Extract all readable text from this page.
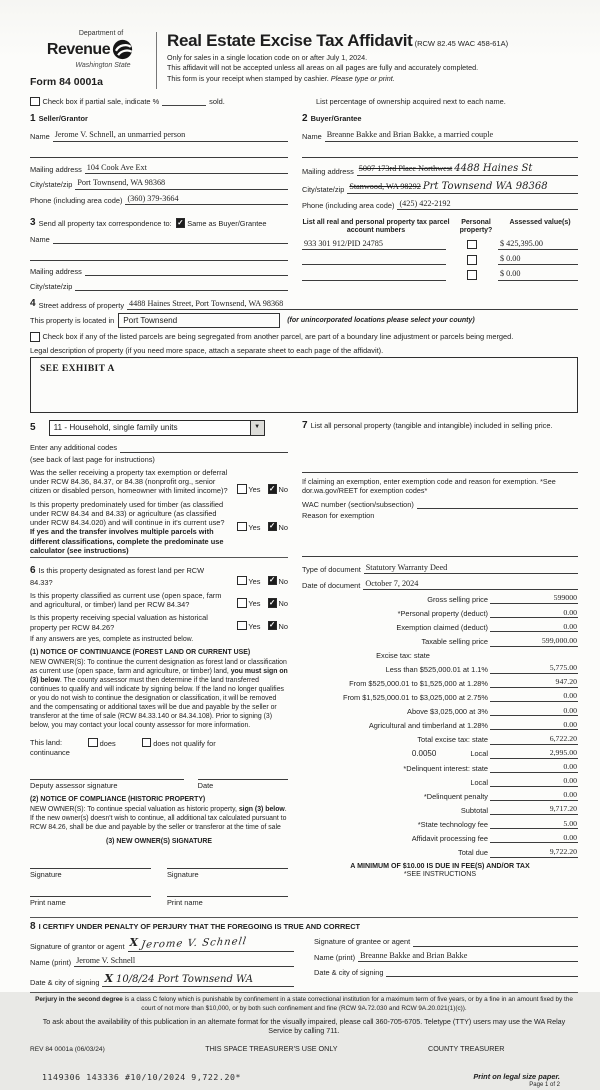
Department of
Revenue
Washington State
Form 84 0001a
Real Estate Excise Tax Affidavit (RCW 82.45 WAC 458-61A)
Only for sales in a single location code on or after July 1, 2024.
This affidavit will not be accepted unless all areas on all pages are fully and accurately completed.
This form is your receipt when stamped by cashier. Please type or print.
Check box if partial sale, indicate %	sold.	List percentage of ownership acquired next to each name.
1 Seller/Grantor
Name Jerome V. Schnell, an unmarried person
Mailing address 104 Cook Ave Ext
City/state/zip Port Townsend, WA 98368
Phone (including area code) (360) 379-3664
2 Buyer/Grantee
Name Breanne Bakke and Brian Bakke, a married couple
Mailing address 5007 173rd Place Northwest 4488 Haines St
City/state/zip Stanwood, WA 98292 Prt Townsend WA 98368
Phone (including area code) (425) 422-2192
3 Send all property tax correspondence to: ✓ Same as Buyer/Grantee
Name
Mailing address
City/state/zip
List all real and personal property tax parcel account numbers
Personal property?
Assessed value(s)
933 301 912/PID 24785	$ 425,395.00
$ 0.00
$ 0.00
4 Street address of property 4488 Haines Street, Port Townsend, WA 98368
This property is located in Port Townsend	(for unincorporated locations please select your county)
Check box if any of the listed parcels are being segregated from another parcel, are part of a boundary line adjustment or parcels being merged.
Legal description of property (if you need more space, attach a separate sheet to each page of the affidavit).
SEE EXHIBIT A
5	11 - Household, single family units	▼
Enter any additional codes
(see back of last page for instructions)
Was the seller receiving a property tax exemption or deferral under RCW 84.36, 84.37, or 84.38 (nonprofit org., senior citizen or disabled person, homeowner with limited income)?	Yes ✓ No
Is this property predominately used for timber (as classified under RCW 84.34 and 84.33) or agriculture (as classified under RCW 84.34.020) and will continue in it's current use? If yes and the transfer involves multiple parcels with different classifications, complete the predominate use calculator (see instructions)
Yes ✓ No
6 Is this property designated as forest land per RCW 84.33?	Yes ✓ No
Is this property classified as current use (open space, farm and agricultural, or timber) land per RCW 84.34?	Yes ✓ No
Is this property receiving special valuation as historical property per RCW 84.26?	Yes ✓ No
If any answers are yes, complete as instructed below.
(1) NOTICE OF CONTINUANCE (FOREST LAND OR CURRENT USE)
NEW OWNER(S): To continue the current designation as forest land or classification as current use (open space, farm and agriculture, or timber) land, you must sign on (3) below. The county assessor must then determine if the land transferred continues to qualify and will indicate by signing below. If the land no longer qualifies or you do not wish to continue the designation or classification, it will be removed and the compensating or additional taxes will be due and payable by the seller or transferor at the time of sale (RCW 84.33.140 or 84.34.108). Prior to signing (3) below, you may contact your local county assessor for more information.
This land:	does	does not qualify for
continuance
Deputy assessor signature	Date
(2) NOTICE OF COMPLIANCE (HISTORIC PROPERTY)
NEW OWNER(S): To continue special valuation as historic property, sign (3) below. If the new owner(s) doesn't wish to continue, all additional tax calculated pursuant to RCW 84.26, shall be due and payable by the seller or transferor at the time of sale
(3) NEW OWNER(S) SIGNATURE
Signature	Signature
Print name	Print name
7 List all personal property (tangible and intangible) included in selling price.
If claiming an exemption, enter exemption code and reason for exemption. *See dor.wa.gov/REET for exemption codes*
WAC number (section/subsection)
Reason for exemption
Type of document Statutory Warranty Deed
Date of document October 7, 2024
Gross selling price	599000
*Personal property (deduct)	0.00
Exemption claimed (deduct)	0.00
Taxable selling price	599,000.00
Excise tax: state
Less than $525,000.01 at 1.1%	5,775.00
From $525,000.01 to $1,525,000 at 1.28%	947.20
From $1,525,000.01 to $3,025,000 at 2.75%	0.00
Above $3,025,000 at 3%	0.00
Agricultural and timberland at 1.28%	0.00
Total excise tax: state	6,722.20
0.0050	Local	2,995.00
*Delinquent interest: state	0.00
Local	0.00
*Delinquent penalty	0.00
Subtotal	9,717.20
*State technology fee	5.00
Affidavit processing fee	0.00
Total due	9,722.20
A MINIMUM OF $10.00 IS DUE IN FEE(S) AND/OR TAX
*SEE INSTRUCTIONS
8 I CERTIFY UNDER PENALTY OF PERJURY THAT THE FOREGOING IS TRUE AND CORRECT
Signature of grantor or agent X Jerome V. Schnell
Name (print) Jerome V. Schnell
Date & city of signing X 10/8/24 Port Townsend WA
Signature of grantee or agent
Name (print) Breanne Bakke and Brian Bakke
Date & city of signing
Perjury in the second degree is a class C felony which is punishable by confinement in a state correctional institution for a maximum term of five years, or by a fine in an amount fixed by the court of not more than $10,000, or by both such confinement and fine (RCW 9A.72.030 and RCW 9A.20.021(1)(c)).
To ask about the availability of this publication in an alternate format for the visually impaired, please call 360-705-6705. Teletype (TTY) users may use the WA Relay Service by calling 711.
REV 84 0001a (06/03/24)	THIS SPACE TREASURER'S USE ONLY	COUNTY TREASURER
1149306 143336 #10/10/2024 9,722.20*	Print on legal size paper.
Page 1 of 2
